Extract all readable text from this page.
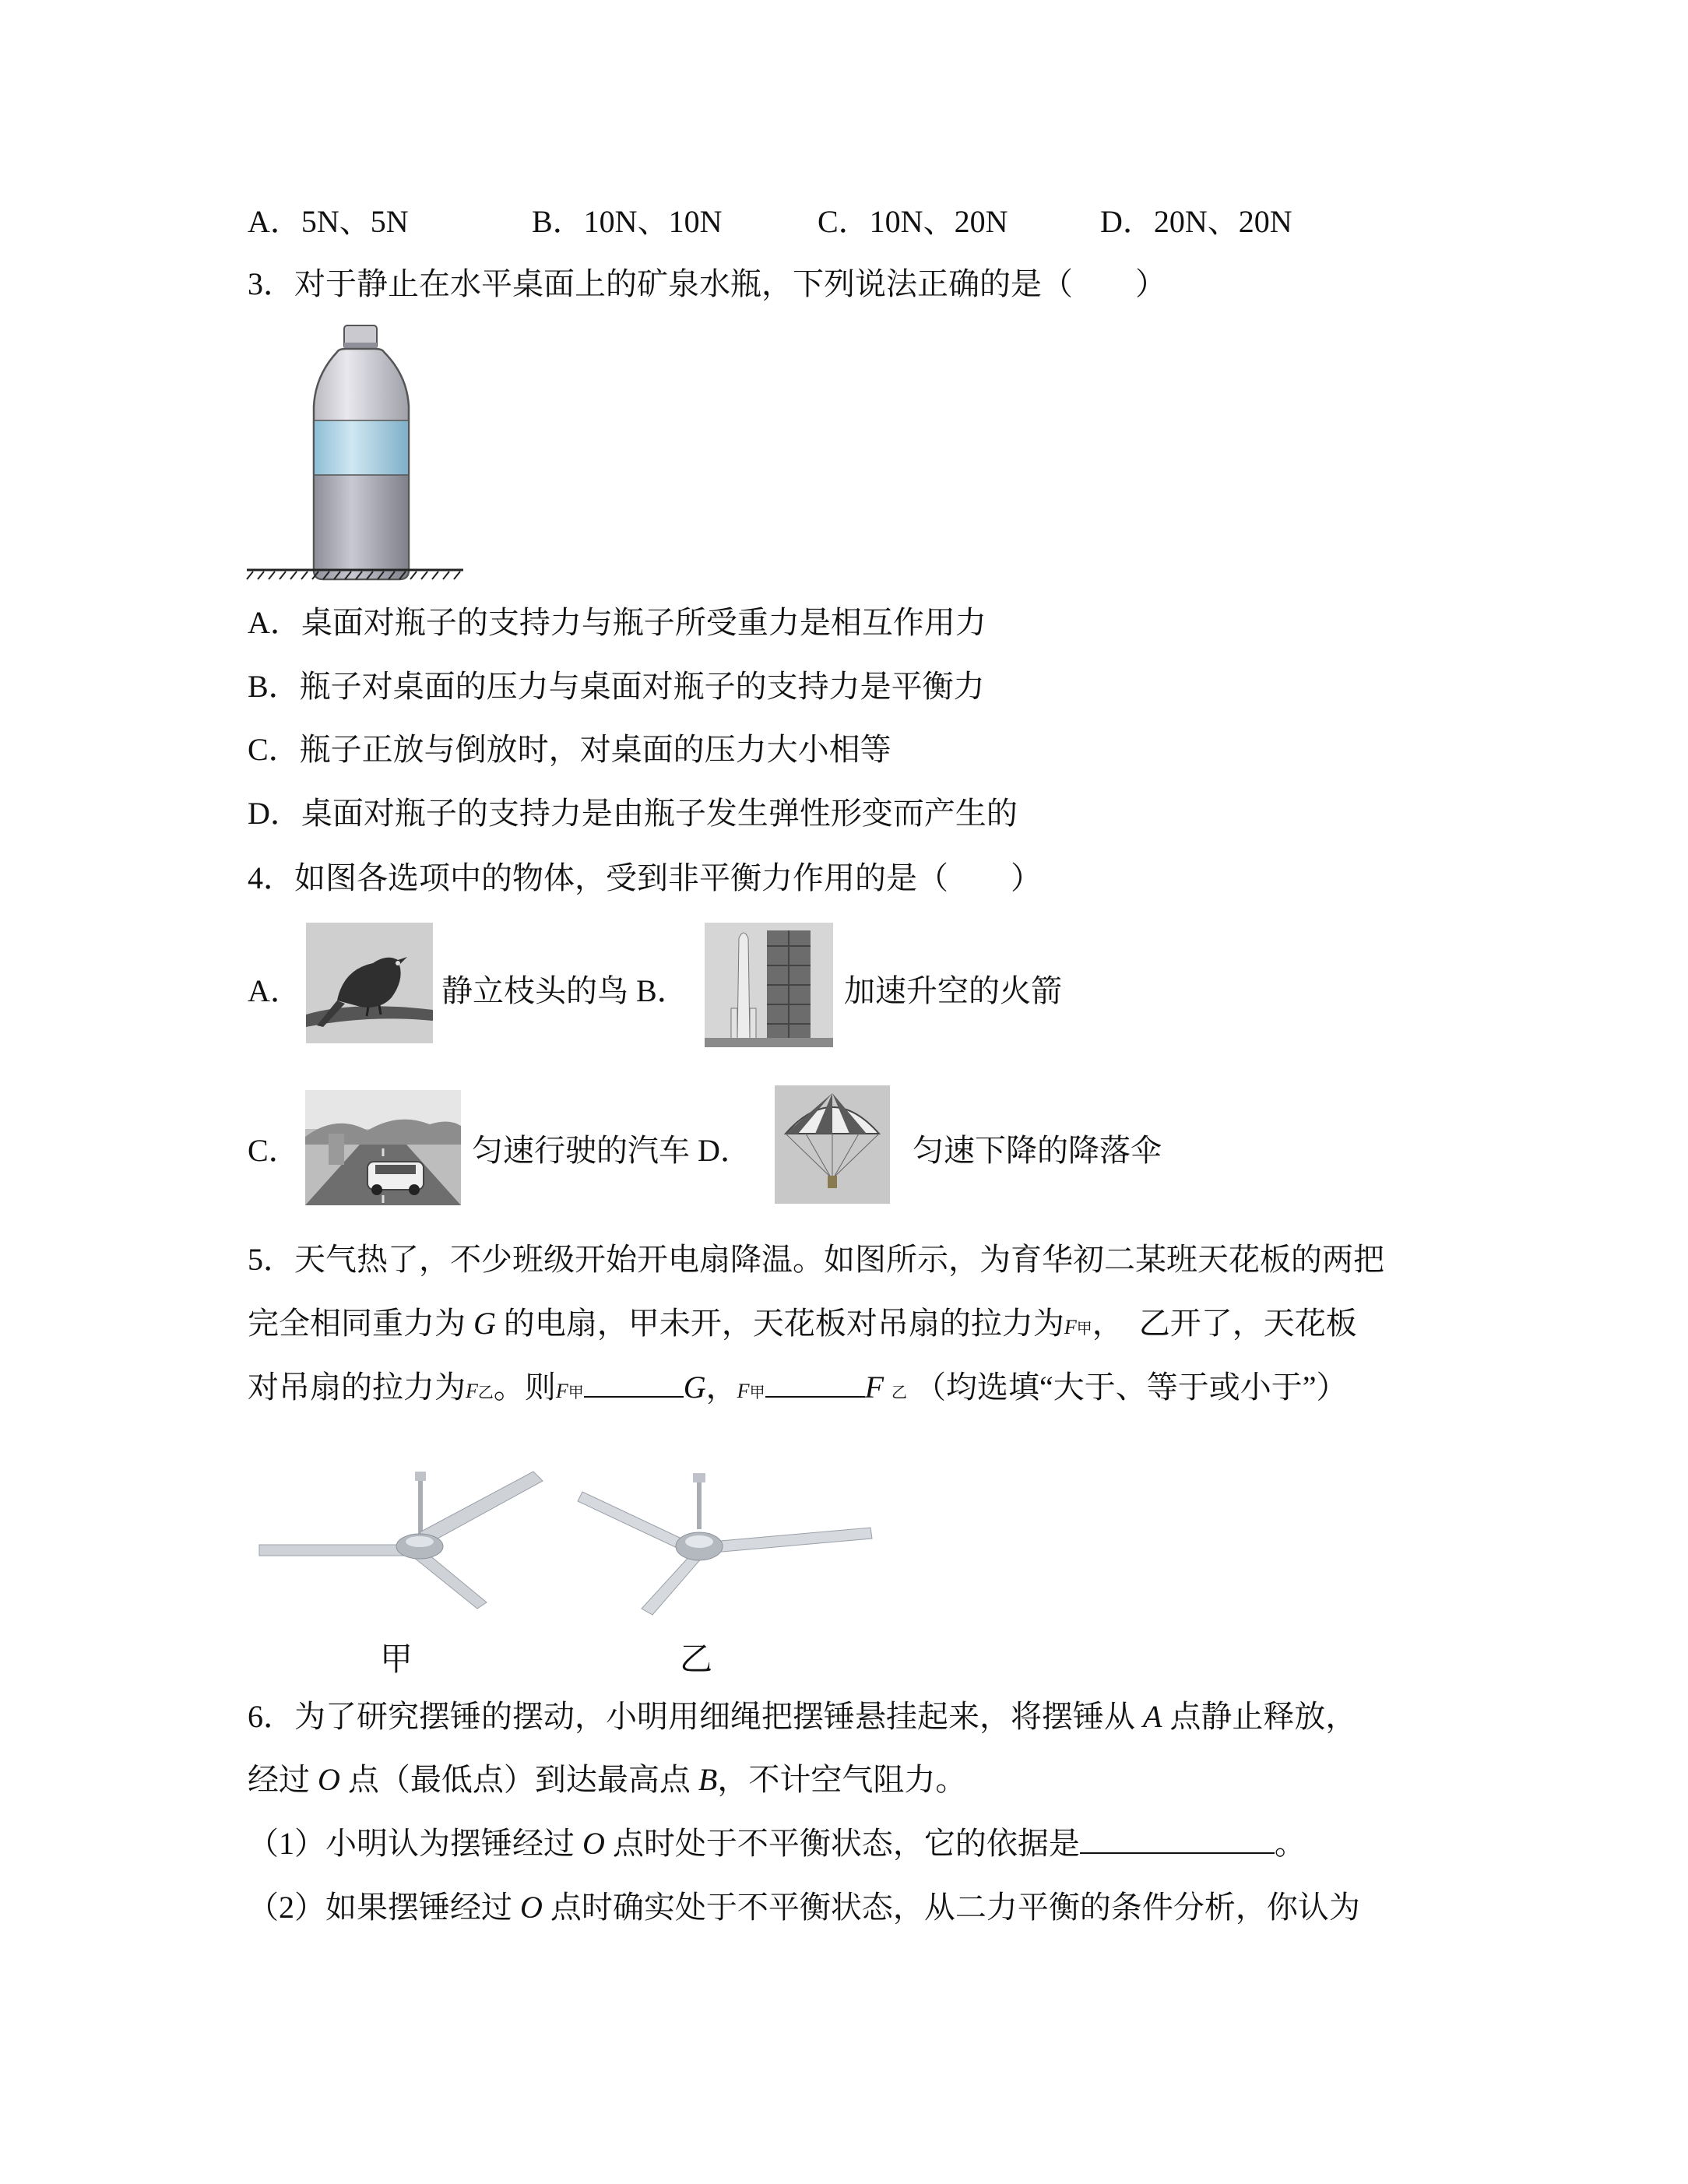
A．5N、5N	B．10N、10N	C．10N、20N	D．20N、20N
3．对于静止在水平桌面上的矿泉水瓶，下列说法正确的是（　　）
A．桌面对瓶子的支持力与瓶子所受重力是相互作用力
B．瓶子对桌面的压力与桌面对瓶子的支持力是平衡力
C．瓶子正放与倒放时，对桌面的压力大小相等
D．桌面对瓶子的支持力是由瓶子发生弹性形变而产生的
4．如图各选项中的物体，受到非平衡力作用的是（　　）
A．	静立枝头的鸟 B．	加速升空的火箭
C．	匀速行驶的汽车 D．	匀速下降的降落伞
5．天气热了，不少班级开始开电扇降温。如图所示，为育华初二某班天花板的两把
完全相同重力为 G 的电扇，甲未开，天花板对吊扇的拉力为F甲，　乙开了，天花板
对吊扇的拉力为F乙。则F甲	G，F甲	F 乙 （均选填“大于、等于或小于”）
甲	乙
6．为了研究摆锤的摆动，小明用细绳把摆锤悬挂起来，将摆锤从 A 点静止释放，
经过 O 点（最低点）到达最高点 B，不计空气阻力。
（1）小明认为摆锤经过 O 点时处于不平衡状态，它的依据是	。
（2）如果摆锤经过 O 点时确实处于不平衡状态，从二力平衡的条件分析，你认为
